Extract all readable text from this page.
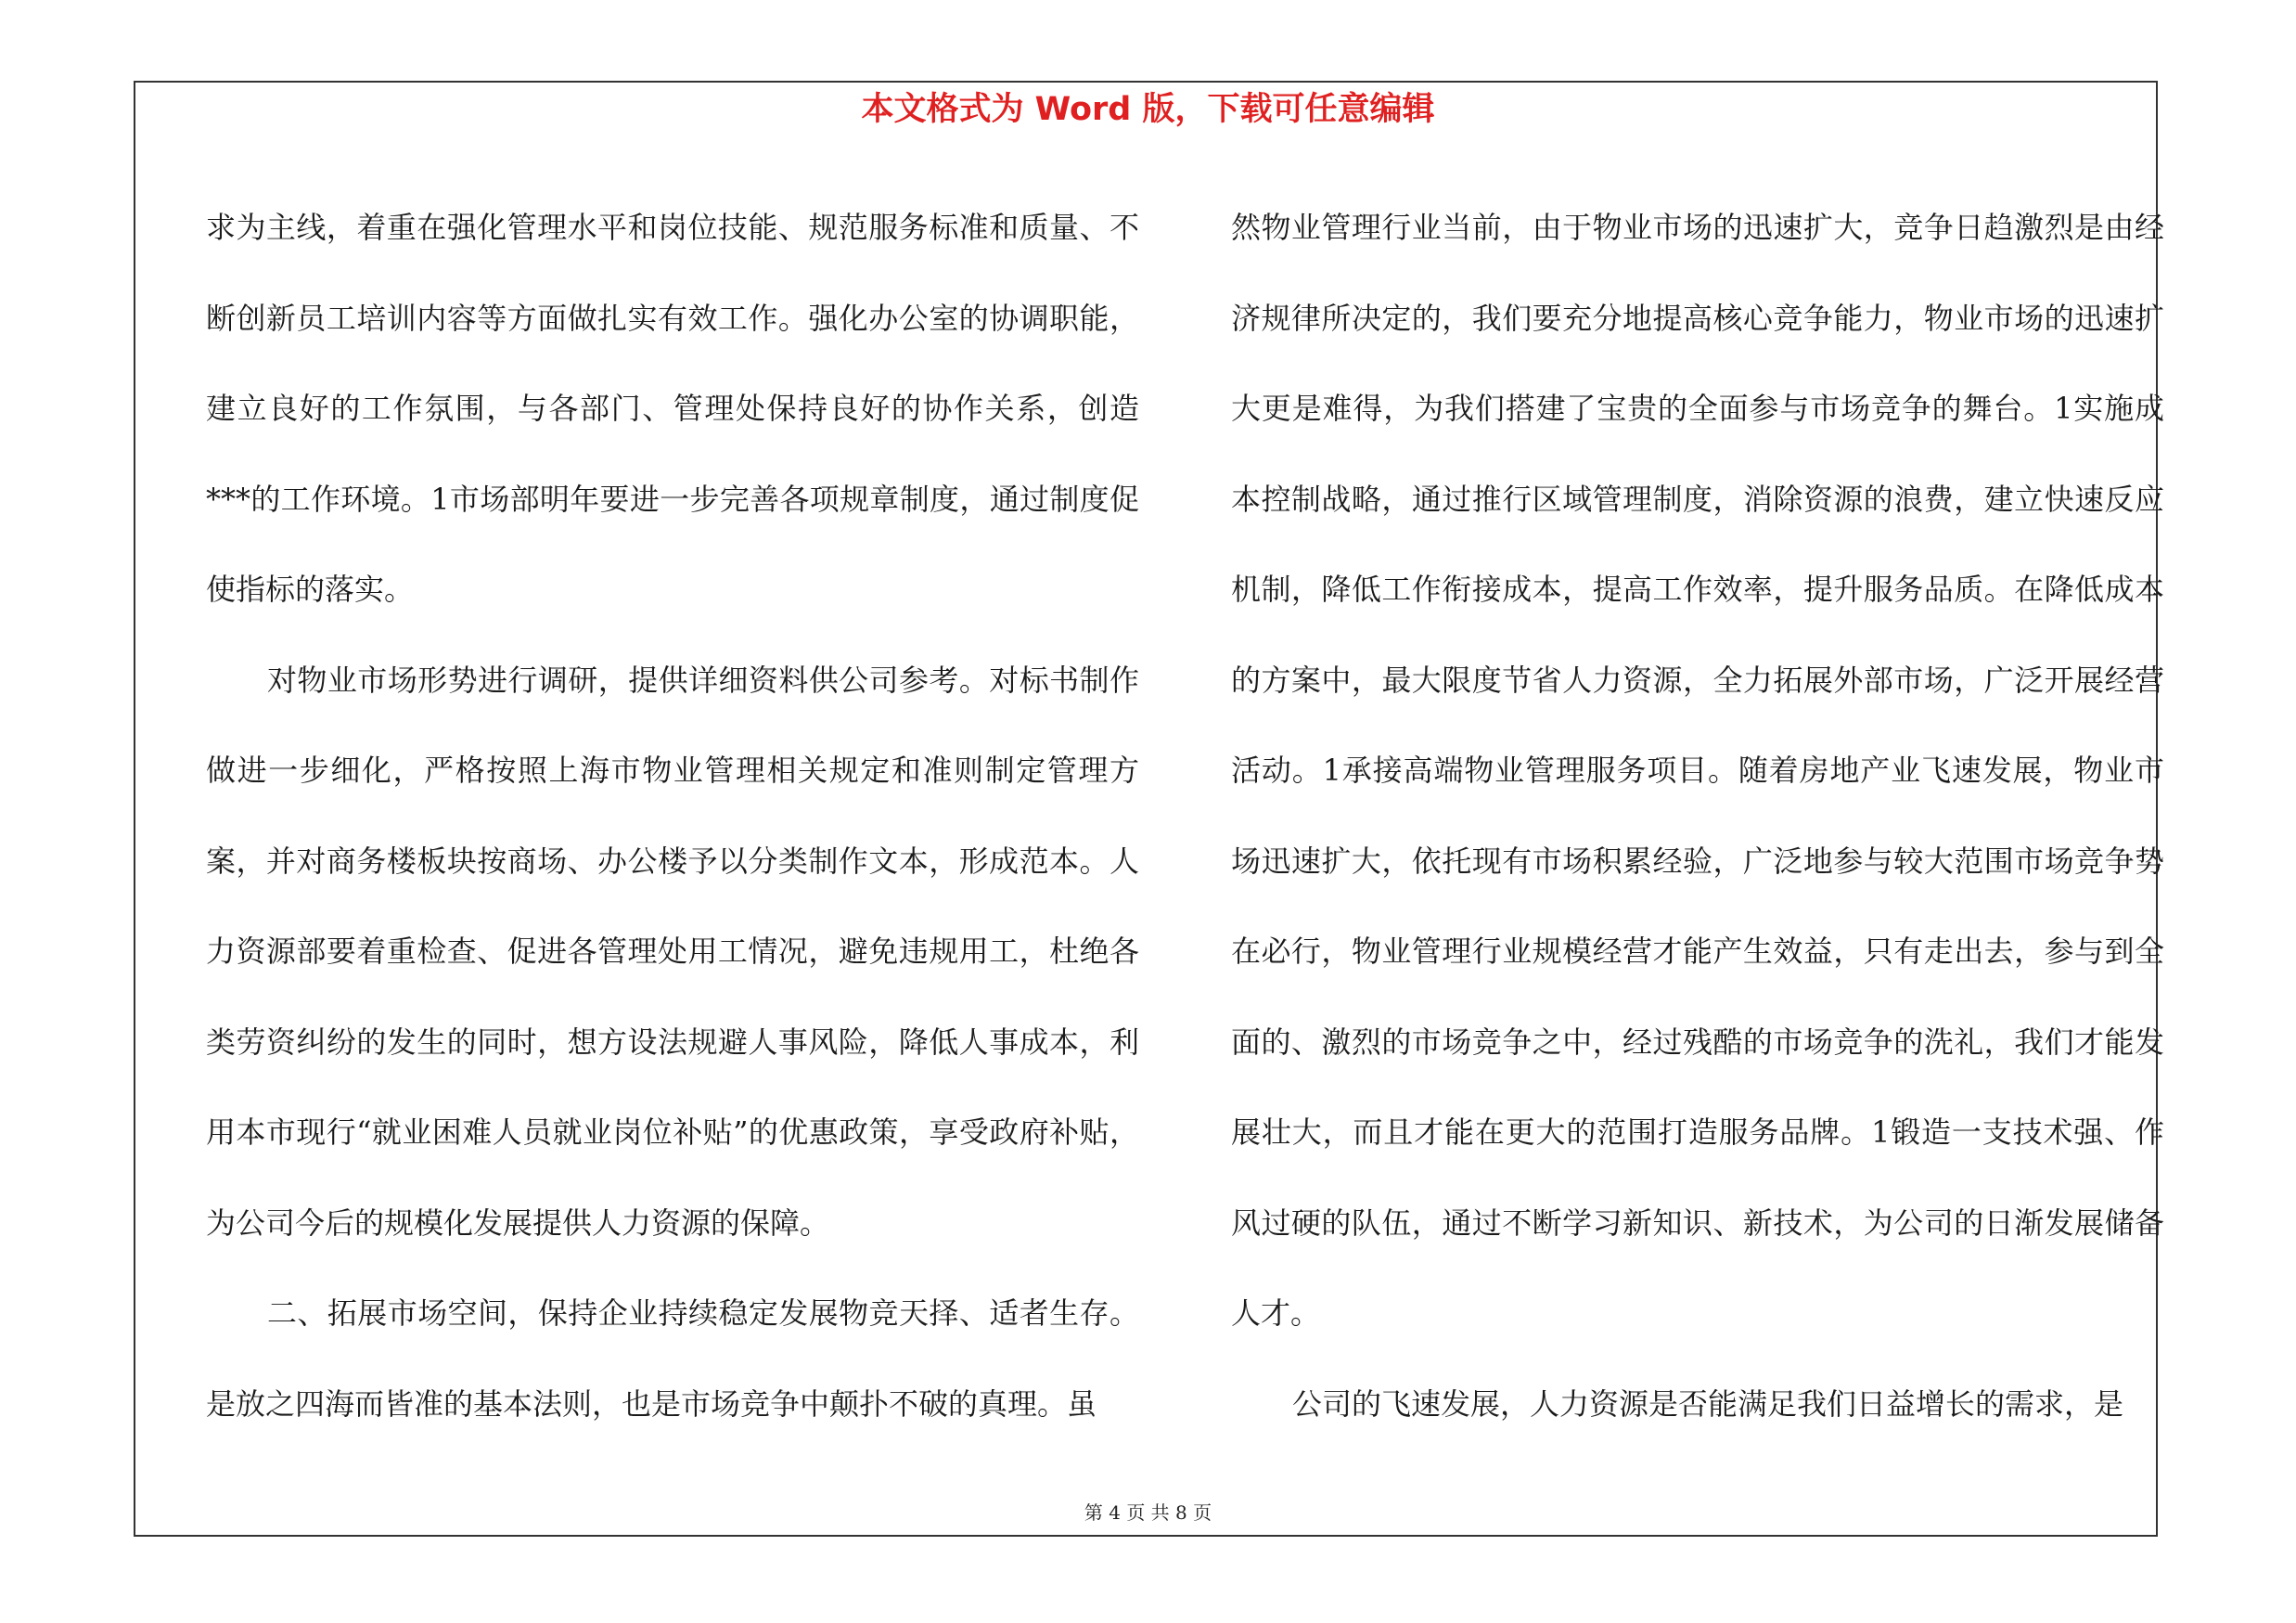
本文格式为 Word 版，下载可任意编辑

求为主线，着重在强化管理水平和岗位技能、规范服务标准和质量、不断创新员工培训内容等方面做扎实有效工作。强化办公室的协调职能，建立良好的工作氛围，与各部门、管理处保持良好的协作关系，创造***的工作环境。1市场部明年要进一步完善各项规章制度，通过制度促使指标的落实。

对物业市场形势进行调研，提供详细资料供公司参考。对标书制作做进一步细化，严格按照上海市物业管理相关规定和准则制定管理方案，并对商务楼板块按商场、办公楼予以分类制作文本，形成范本。人力资源部要着重检查、促进各管理处用工情况，避免违规用工，杜绝各类劳资纠纷的发生的同时，想方设法规避人事风险，降低人事成本，利用本市现行“就业困难人员就业岗位补贴”的优惠政策，享受政府补贴，为公司今后的规模化发展提供人力资源的保障。

二、拓展市场空间，保持企业持续稳定发展物竞天择、适者生存。是放之四海而皆准的基本法则，也是市场竞争中颠扑不破的真理。虽

然物业管理行业当前，由于物业市场的迅速扩大，竞争日趋激烈是由经济规律所决定的，我们要充分地提高核心竞争能力，物业市场的迅速扩大更是难得，为我们搭建了宝贵的全面参与市场竞争的舞台。1实施成本控制战略，通过推行区域管理制度，消除资源的浪费，建立快速反应机制，降低工作衔接成本，提高工作效率，提升服务品质。在降低成本的方案中，最大限度节省人力资源，全力拓展外部市场，广泛开展经营活动。1承接高端物业管理服务项目。随着房地产业飞速发展，物业市场迅速扩大，依托现有市场积累经验，广泛地参与较大范围市场竞争势在必行，物业管理行业规模经营才能产生效益，只有走出去，参与到全面的、激烈的市场竞争之中，经过残酷的市场竞争的洗礼，我们才能发展壮大，而且才能在更大的范围打造服务品牌。1锻造一支技术强、作风过硬的队伍，通过不断学习新知识、新技术，为公司的日渐发展储备人才。

公司的飞速发展，人力资源是否能满足我们日益增长的需求，是

第 4 页 共 8 页
